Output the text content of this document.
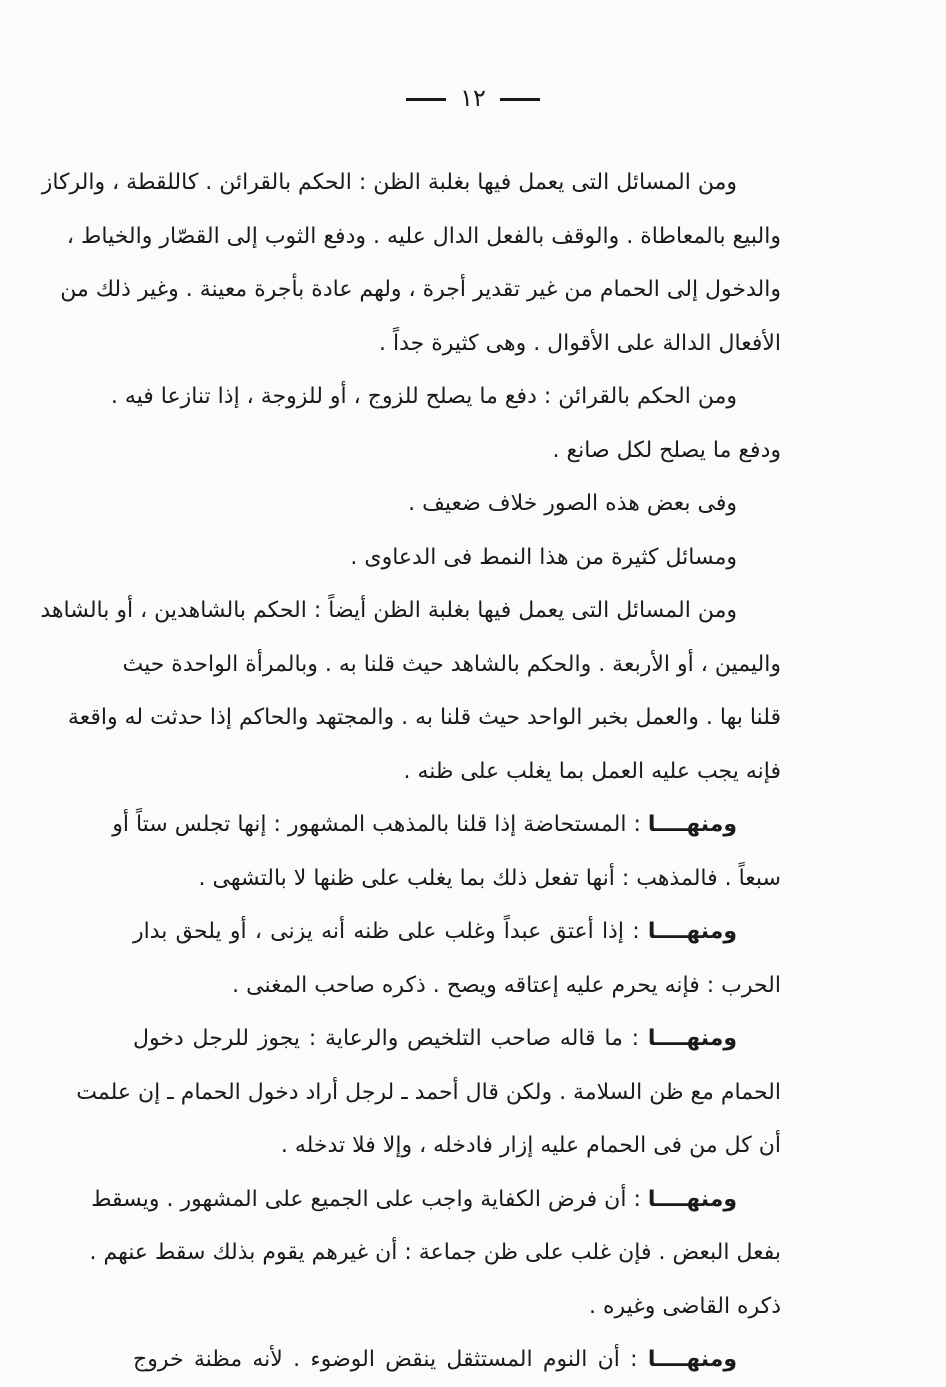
١٢
ومن المسائل التى يعمل فيها بغلبة الظن : الحكم بالقرائن . كاللقطة ، والركاز
والبيع بالمعاطاة . والوقف بالفعل الدال عليه . ودفع الثوب إلى القصّار والخياط ،
والدخول إلى الحمام من غير تقدير أجرة ، ولهم عادة بأجرة معينة . وغير ذلك من
الأفعال الدالة على الأقوال . وهى كثيرة جداً .
ومن الحكم بالقرائن : دفع ما يصلح للزوج ، أو للزوجة ، إذا تنازعا فيه .
ودفع ما يصلح لكل صانع .
وفى بعض هذه الصور خلاف ضعيف .
ومسائل كثيرة من هذا النمط فى الدعاوى .
ومن المسائل التى يعمل فيها بغلبة الظن أيضاً : الحكم بالشاهدين ، أو بالشاهد
واليمين ، أو الأربعة . والحكم بالشاهد حيث قلنا به . وبالمرأة الواحدة حيث
قلنا بها . والعمل بخبر الواحد حيث قلنا به . والمجتهد والحاكم إذا حدثت له واقعة
فإنه يجب عليه العمل بما يغلب على ظنه .
ومنهــــا : المستحاضة إذا قلنا بالمذهب المشهور : إنها تجلس ستاً أو
سبعاً . فالمذهب : أنها تفعل ذلك بما يغلب على ظنها لا بالتشهى .
ومنهــــا : إذا أعتق عبداً وغلب على ظنه أنه يزنى ، أو يلحق بدار
الحرب : فإنه يحرم عليه إعتاقه ويصح . ذكره صاحب المغنى .
ومنهــــا : ما قاله صاحب التلخيص والرعاية : يجوز للرجل دخول
الحمام مع ظن السلامة . ولكن قال أحمد ـ لرجل أراد دخول الحمام ـ إن علمت
أن كل من فى الحمام عليه إزار فادخله ، وإلا فلا تدخله .
ومنهــــا : أن فرض الكفاية واجب على الجميع على المشهور . ويسقط
بفعل البعض . فإن غلب على ظن جماعة : أن غيرهم يقوم بذلك سقط عنهم .
ذكره القاضى وغيره .
ومنهــــا : أن النوم المستثقل ينقض الوضوء . لأنه مظنة خروج
